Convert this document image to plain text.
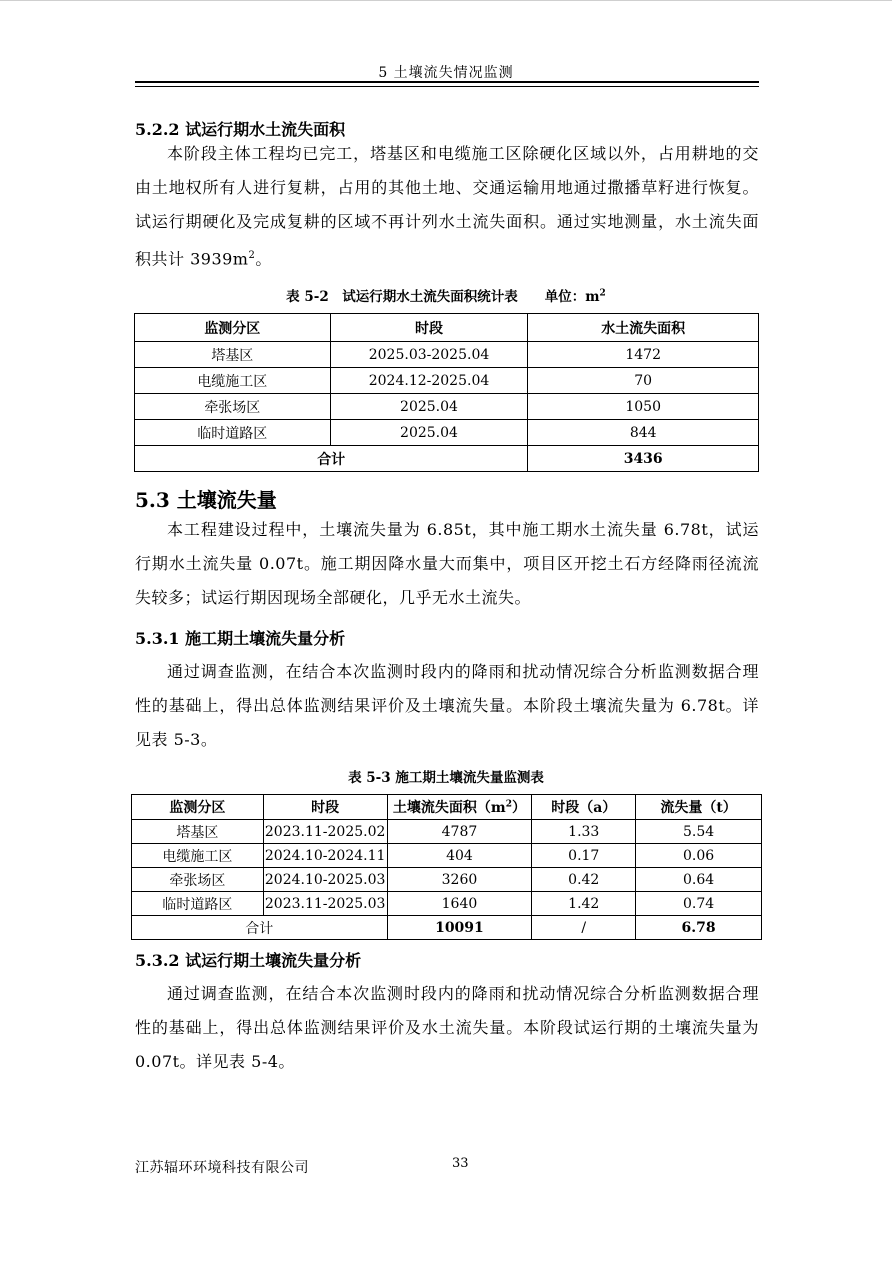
5 土壤流失情况监测
5.2.2 试运行期水土流失面积

本阶段主体工程均已完工，塔基区和电缆施工区除硬化区域以外，占用耕地的交由土地权所有人进行复耕，占用的其他土地、交通运输用地通过撒播草籽进行恢复。试运行期硬化及完成复耕的区域不再计列水土流失面积。通过实地测量，水土流失面积共计 $3939m^2$。

表 5-2　试运行期水土流失面积统计表　　单位：$m^2$
监测分区	时段	水土流失面积
塔基区	2025.03-2025.04	1472
电缆施工区	2024.12-2025.04	70
牵张场区	2025.04	1050
临时道路区	2025.04	844
合计		3436
5.3 土壤流失量

本工程建设过程中，土壤流失量为 6.85t，其中施工期水土流失量 6.78t，试运行期水土流失量 0.07t。施工期因降水量大而集中，项目区开挖土石方经降雨径流流失较多；试运行期因现场全部硬化，几乎无水土流失。

5.3.1 施工期土壤流失量分析

通过调查监测，在结合本次监测时段内的降雨和扰动情况综合分析监测数据合理性的基础上，得出总体监测结果评价及土壤流失量。本阶段土壤流失量为 6.78t。详见表 5-3。

表 5-3 施工期土壤流失量监测表
监测分区	时段	土壤流失面积$(m^2)$	时段（a）	流失量（t）
塔基区	2023.11-2025.02	4787	1.33	5.54
电缆施工区	2024.10-2024.11	404	0.17	0.06
牵张场区	2024.10-2025.03	3260	0.42	0.64
临时道路区	2023.11-2025.03	1640	1.42	0.74
合计		10091	/	6.78
5.3.2 试运行期土壤流失量分析

通过调查监测，在结合本次监测时段内的降雨和扰动情况综合分析监测数据合理性的基础上，得出总体监测结果评价及水土流失量。本阶段试运行期的土壤流失量为 0.07t。详见表 5-4。

江苏辐环环境科技有限公司	33
